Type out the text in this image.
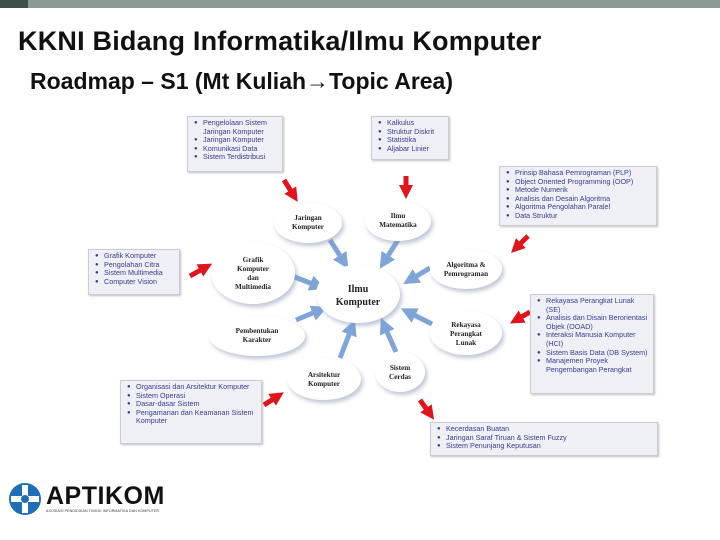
KKNI Bidang Informatika/Ilmu Komputer
Roadmap – S1 (Mt Kuliah→Topic Area)
Jaringan
Komputer
Ilmu
Matematika
Algoritma &
Pemrograman
Rekayasa
Perangkat
Lunak
Sistem
Cerdas
Arsitektur
Komputer
Pembentukan
Karakter
Grafik
Komputer
dan
Multimedia	Ilmu
Komputer
● Pengelolaan Sistem Jaringan Komputer
● Jaringan Komputer
● Komunikasi Data
● Sistem Terdistribusi
● Kalkulus
● Struktur Diskrit
● Statistika
● Aljabar Linier
● Prinsip Bahasa Pemrograman (PLP)
● Object Oriented Programming (OOP)
● Metode Numerik
● Analisis dan Desain Algoritma
● Algoritma Pengolahan Paralel
● Data Struktur
● Grafik Komputer
● Pengolahan Citra
● Sistem Multimedia
● Computer Vision
● Rekayasa Perangkat Lunak (SE)
● Analisis dan Disain Berorientasi Objek (OOAD)
● Interaksi Manusia Komputer (HCI)
● Sistem Basis Data (DB System)
● Manajemen Proyek Pengembangan Perangkat
● Organisasi dan Arsitektur Komputer
● Sistem Operasi
● Dasar-dasar Sistem
● Pengamanan dan Keamanan Sistem Komputer
● Kecerdasan Buatan
● Jaringan Saraf Tiruan & Sistem Fuzzy
● Sistem Penunjang Keputusan
APTIKOM
ASOSIASI PENDIDIKAN TINGGI INFORMATIKA DAN KOMPUTER
